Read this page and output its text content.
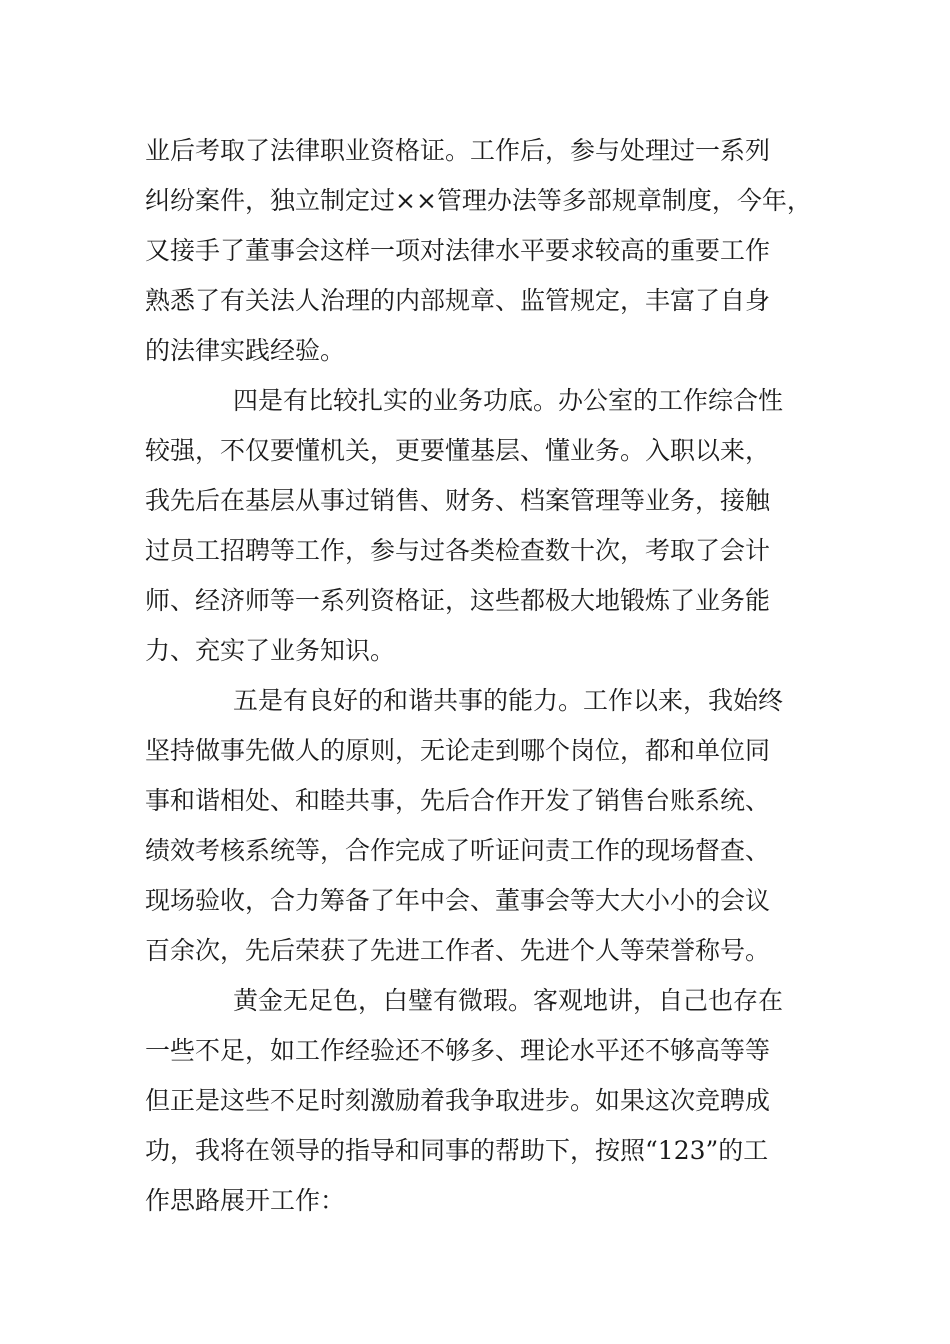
业后考取了法律职业资格证。工作后，参与处理过一系列
纠纷案件，独立制定过××管理办法等多部规章制度，今年，
又接手了董事会这样一项对法律水平要求较高的重要工作
熟悉了有关法人治理的内部规章、监管规定，丰富了自身
的法律实践经验。
四是有比较扎实的业务功底。办公室的工作综合性
较强，不仅要懂机关，更要懂基层、懂业务。入职以来，
我先后在基层从事过销售、财务、档案管理等业务，接触
过员工招聘等工作，参与过各类检查数十次，考取了会计
师、经济师等一系列资格证，这些都极大地锻炼了业务能
力、充实了业务知识。
五是有良好的和谐共事的能力。工作以来，我始终
坚持做事先做人的原则，无论走到哪个岗位，都和单位同
事和谐相处、和睦共事，先后合作开发了销售台账系统、
绩效考核系统等，合作完成了听证问责工作的现场督查、
现场验收，合力筹备了年中会、董事会等大大小小的会议
百余次，先后荣获了先进工作者、先进个人等荣誉称号。
黄金无足色，白璧有微瑕。客观地讲，自己也存在
一些不足，如工作经验还不够多、理论水平还不够高等等
但正是这些不足时刻激励着我争取进步。如果这次竞聘成
功，我将在领导的指导和同事的帮助下，按照“123”的工
作思路展开工作：
